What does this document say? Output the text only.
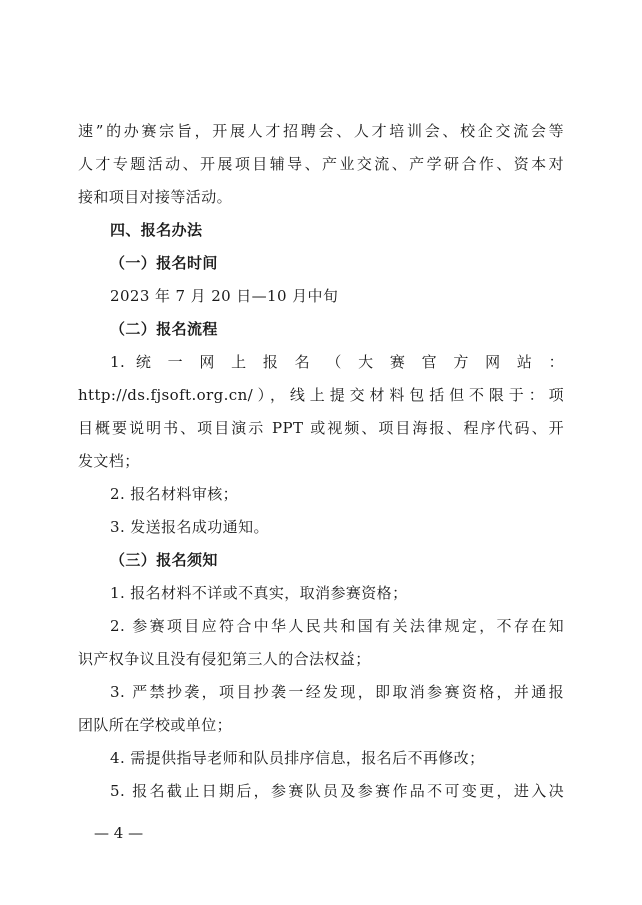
速”的办赛宗旨，开展人才招聘会、人才培训会、校企交流会等
人才专题活动、开展项目辅导、产业交流、产学研合作、资本对
接和项目对接等活动。
四、报名办法
（一）报名时间
2023 年 7 月 20 日—10 月中旬
（二）报名流程
1. 统 一 网 上 报 名 （ 大 赛 官 方 网 站 ：
http://ds.fjsoft.org.cn/），线上提交材料包括但不限于：项
目概要说明书、项目演示 PPT 或视频、项目海报、程序代码、开
发文档；
2. 报名材料审核；
3. 发送报名成功通知。
（三）报名须知
1. 报名材料不详或不真实，取消参赛资格；
2. 参赛项目应符合中华人民共和国有关法律规定，不存在知
识产权争议且没有侵犯第三人的合法权益；
3. 严禁抄袭，项目抄袭一经发现，即取消参赛资格，并通报
团队所在学校或单位；
4. 需提供指导老师和队员排序信息，报名后不再修改；
5. 报名截止日期后，参赛队员及参赛作品不可变更，进入决
— 4 —
